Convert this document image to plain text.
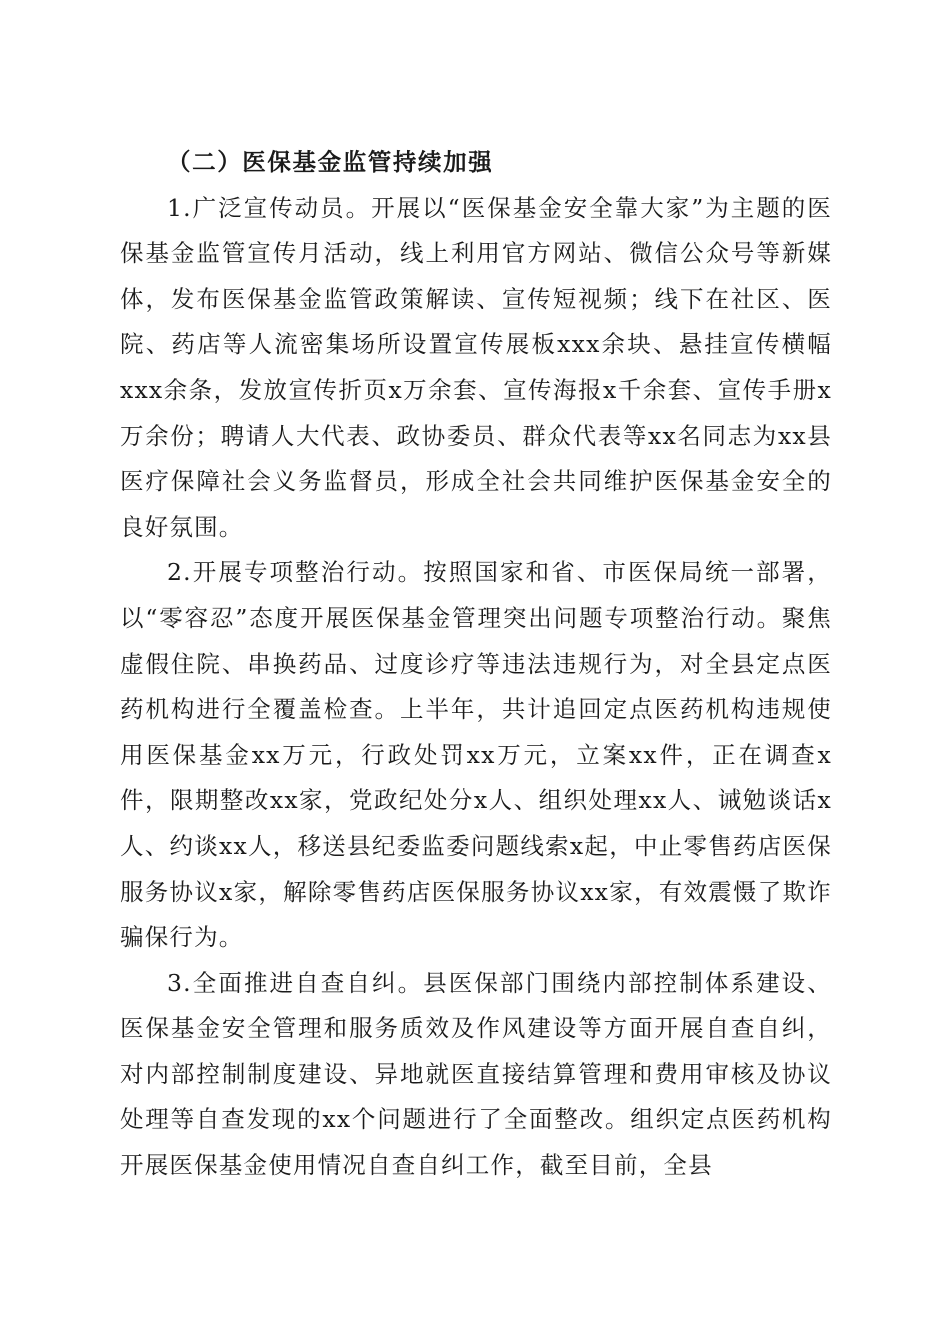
（二）医保基金监管持续加强

1.广泛宣传动员。开展以“医保基金安全靠大家”为主题的医保基金监管宣传月活动，线上利用官方网站、微信公众号等新媒体，发布医保基金监管政策解读、宣传短视频；线下在社区、医院、药店等人流密集场所设置宣传展板xxx余块、悬挂宣传横幅xxx余条，发放宣传折页x万余套、宣传海报x千余套、宣传手册x万余份；聘请人大代表、政协委员、群众代表等xx名同志为xx县医疗保障社会义务监督员，形成全社会共同维护医保基金安全的良好氛围。

2.开展专项整治行动。按照国家和省、市医保局统一部署，以“零容忍”态度开展医保基金管理突出问题专项整治行动。聚焦虚假住院、串换药品、过度诊疗等违法违规行为，对全县定点医药机构进行全覆盖检查。上半年，共计追回定点医药机构违规使用医保基金xx万元，行政处罚xx万元，立案xx件，正在调查x件，限期整改xx家，党政纪处分x人、组织处理xx人、诫勉谈话x人、约谈xx人，移送县纪委监委问题线索x起，中止零售药店医保服务协议x家，解除零售药店医保服务协议xx家，有效震慑了欺诈骗保行为。

3.全面推进自查自纠。县医保部门围绕内部控制体系建设、医保基金安全管理和服务质效及作风建设等方面开展自查自纠，对内部控制制度建设、异地就医直接结算管理和费用审核及协议处理等自查发现的xx个问题进行了全面整改。组织定点医药机构开展医保基金使用情况自查自纠工作，截至目前，全县
